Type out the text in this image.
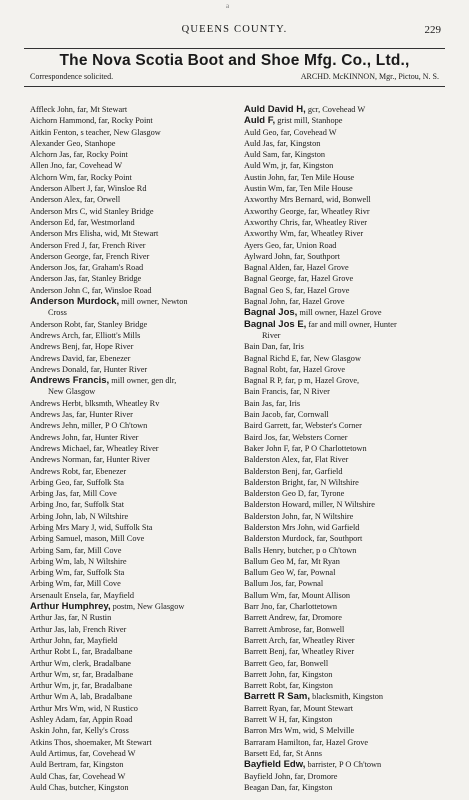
a
QUEENS COUNTY.	229
The Nova Scotia Boot and Shoe Mfg. Co., Ltd.,
Correspondence solicited.	ARCHD. McKINNON, Mgr., Pictou, N. S.
Affleck John, far, Mt Stewart
Aichorn Hammond, far, Rocky Point
Aitkin Fenton, s teacher, New Glasgow
Alexander Geo, Stanhope
Alchorn Jas, far, Rocky Point
Allen Jno, far, Covehead W
Alchorn Wm, far, Rocky Point
Anderson Albert J, far, Winsloe Rd
Anderson Alex, far, Orwell
Anderson Mrs C, wid Stanley Bridge
Anderson Ed, far, Westmorland
Anderson Mrs Elisha, wid, Mt Stewart
Anderson Fred J, far, French River
Anderson George, far, French River
Anderson Jos, far, Graham's Road
Anderson Jas, far, Stanley Bridge
Anderson John C, far, Winsloe Road
Anderson Murdock, mill owner, Newton
Cross
Anderson Robt, far, Stanley Bridge
Andrews Arch, far, Elliott's Mills
Andrews Benj, far, Hope River
Andrews David, far, Ebenezer
Andrews Donald, far, Hunter River
Andrews Francis, mill owner, gen dlr,
New Glasgow
Andrews Herbt, blksmth, Wheatley Rv
Andrews Jas, far, Hunter River
Andrews Jehn, miller, P O Ch'town
Andrews John, far, Hunter River
Andrews Michael, far, Wheatley River
Andrews Norman, far, Hunter River
Andrews Robt, far, Ebenezer
Arbing Geo, far, Suffolk Sta
Arbing Jas, far, Mill Cove
Arbing Jno, far, Suffolk Stat
Arbing John, lab, N Wiltshire
Arbing Mrs Mary J, wid, Suffolk Sta
Arbing Samuel, mason, Mill Cove
Arbing Sam, far, Mill Cove
Arbing Wm, lab, N Wiltshire
Arbing Wm, far, Suffolk Sta
Arbing Wm, far, Mill Cove
Arsenault Ensela, far, Mayfield
Arthur Humphrey, postm, New Glasgow
Arthur Jas, far, N Rustin
Arthur Jas, lab, French River
Arthur John, far, Mayfield
Arthur Robt L, far, Bradalbane
Arthur Wm, clerk, Bradalbane
Arthur Wm, sr, far, Bradalbane
Arthur Wm, jr, far, Bradalbane
Arthur Wm A, lab, Bradalbane
Arthur Mrs Wm, wid, N Rustico
Ashley Adam, far, Appin Road
Askin John, far, Kelly's Cross
Atkins Thos, shoemaker, Mt Stewart
Auld Artimus, far, Covehead W
Auld Bertram, far, Kingston
Auld Chas, far, Covehead W
Auld Chas, butcher, Kingston
Auld David H, gcr, Covehead W
Auld F, grist mill, Stanhope
Auld Geo, far, Covehead W
Auld Jas, far, Kingston
Auld Sam, far, Kingston
Auld Wm, jr, far, Kingston
Austin John, far, Ten Mile House
Austin Wm, far, Ten Mile House
Axworthy Mrs Bernard, wid, Bonwell
Axworthy George, far, Wheatley Rivr
Axworthy Chris, far, Wheatley River
Axworthy Wm, far, Wheatley River
Ayers Geo, far, Union Road
Aylward John, far, Southport
Bagnal Alden, far, Hazel Grove
Bagnal George, far, Hazel Grove
Bagnal Geo S, far, Hazel Grove
Bagnal John, far, Hazel Grove
Bagnal Jos, mill owner, Hazel Grove
Bagnal Jos E, far and mill owner, Hunter
River
Bain Dan, far, Iris
Bagnal Richd E, far, New Glasgow
Bagnal Robt, far, Hazel Grove
Bagnal R P, far, p m, Hazel Grove,
Bain Francis, far, N River
Bain Jas, far, Iris
Bain Jacob, far, Cornwall
Baird Garrett, far, Webster's Corner
Baird Jos, far, Websters Corner
Baker John F, far, P O Charlottetown
Balderston Alex, far, Flat River
Balderston Benj, far, Garfield
Balderston Bright, far, N Wiltshire
Balderston Geo D, far, Tyrone
Balderston Howard, miller, N Wiltshire
Balderston John, far, N Wiltshire
Balderston Mrs John, wid Garfield
Balderston Murdock, far, Southport
Balls Henry, butcher, p o Ch'town
Ballum Geo M, far, Mt Ryan
Ballum Geo W, far, Pownal
Ballum Jos, far, Pownal
Ballum Wm, far, Mount Allison
Barr Jno, far, Charlottetown
Barrett Andrew, far, Dromore
Barrett Ambrose, far, Bonwell
Barrett Arch, far, Wheatley River
Barrett Benj, far, Wheatley River
Barrett Geo, far, Bonwell
Barrett John, far, Kingston
Barrett Robt, far, Kingston
Barrett R Sam, blacksmith, Kingston
Barrett Ryan, far, Mount Stewart
Barrett W H, far, Kingston
Barron Mrs Wm, wid, S Melville
Barraram Hamilton, far, Hazel Grove
Barsett Ed, far, St Anns
Bayfield Edw, barrister, P O Ch'town
Bayfield John, far, Dromore
Beagan Dan, far, Kingston
